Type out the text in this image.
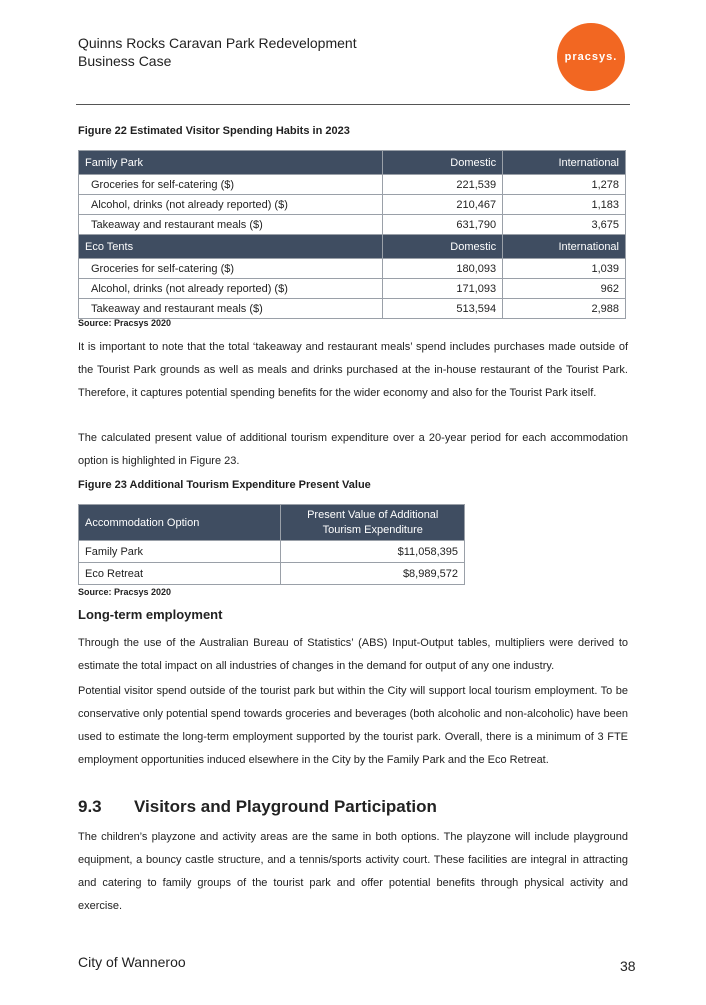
Quinns Rocks Caravan Park Redevelopment
Business Case	pracsys.
Figure 22 Estimated Visitor Spending Habits in 2023
Family Park	Domestic	International
Groceries for self-catering ($)	221,539	1,278
Alcohol, drinks (not already reported) ($)	210,467	1,183
Takeaway and restaurant meals ($)	631,790	3,675
Eco Tents	Domestic	International
Groceries for self-catering ($)	180,093	1,039
Alcohol, drinks (not already reported) ($)	171,093	962
Takeaway and restaurant meals ($)	513,594	2,988
Source: Pracsys 2020
It is important to note that the total ‘takeaway and restaurant meals’ spend includes purchases made outside of the Tourist Park grounds as well as meals and drinks purchased at the in-house restaurant of the Tourist Park. Therefore, it captures potential spending benefits for the wider economy and also for the Tourist Park itself.
The calculated present value of additional tourism expenditure over a 20-year period for each accommodation option is highlighted in Figure 23.
Figure 23 Additional Tourism Expenditure Present Value
Accommodation Option	Present Value of Additional Tourism Expenditure
Family Park	$11,058,395
Eco Retreat	$8,989,572
Source: Pracsys 2020
Long-term employment
Through the use of the Australian Bureau of Statistics’ (ABS) Input-Output tables, multipliers were derived to estimate the total impact on all industries of changes in the demand for output of any one industry.
Potential visitor spend outside of the tourist park but within the City will support local tourism employment. To be conservative only potential spend towards groceries and beverages (both alcoholic and non-alcoholic) have been used to estimate the long-term employment supported by the tourist park. Overall, there is a minimum of 3 FTE employment opportunities induced elsewhere in the City by the Family Park and the Eco Retreat.
9.3 Visitors and Playground Participation
The children’s playzone and activity areas are the same in both options. The playzone will include playground equipment, a bouncy castle structure, and a tennis/sports activity court. These facilities are integral in attracting and catering to family groups of the tourist park and offer potential benefits through physical activity and exercise.
City of Wanneroo	38
